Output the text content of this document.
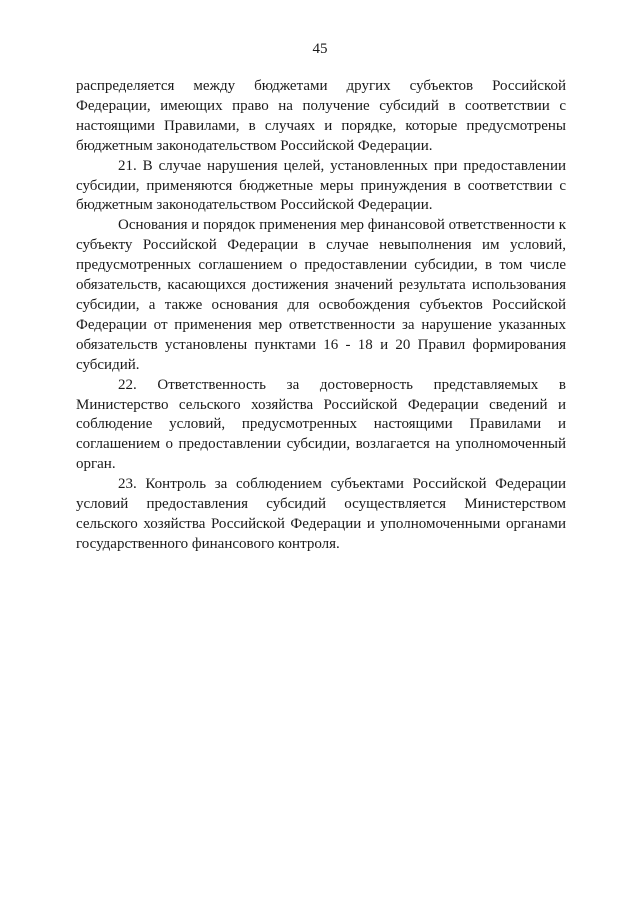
45

распределяется между бюджетами других субъектов Российской Федерации, имеющих право на получение субсидий в соответствии с настоящими Правилами, в случаях и порядке, которые предусмотрены бюджетным законодательством Российской Федерации.

21. В случае нарушения целей, установленных при предоставлении субсидии, применяются бюджетные меры принуждения в соответствии с бюджетным законодательством Российской Федерации.

Основания и порядок применения мер финансовой ответственности к субъекту Российской Федерации в случае невыполнения им условий, предусмотренных соглашением о предоставлении субсидии, в том числе обязательств, касающихся достижения значений результата использования субсидии, а также основания для освобождения субъектов Российской Федерации от применения мер ответственности за нарушение указанных обязательств установлены пунктами 16 - 18 и 20 Правил формирования субсидий.

22. Ответственность за достоверность представляемых в Министерство сельского хозяйства Российской Федерации сведений и соблюдение условий, предусмотренных настоящими Правилами и соглашением о предоставлении субсидии, возлагается на уполномоченный орган.

23. Контроль за соблюдением субъектами Российской Федерации условий предоставления субсидий осуществляется Министерством сельского хозяйства Российской Федерации и уполномоченными органами государственного финансового контроля.
